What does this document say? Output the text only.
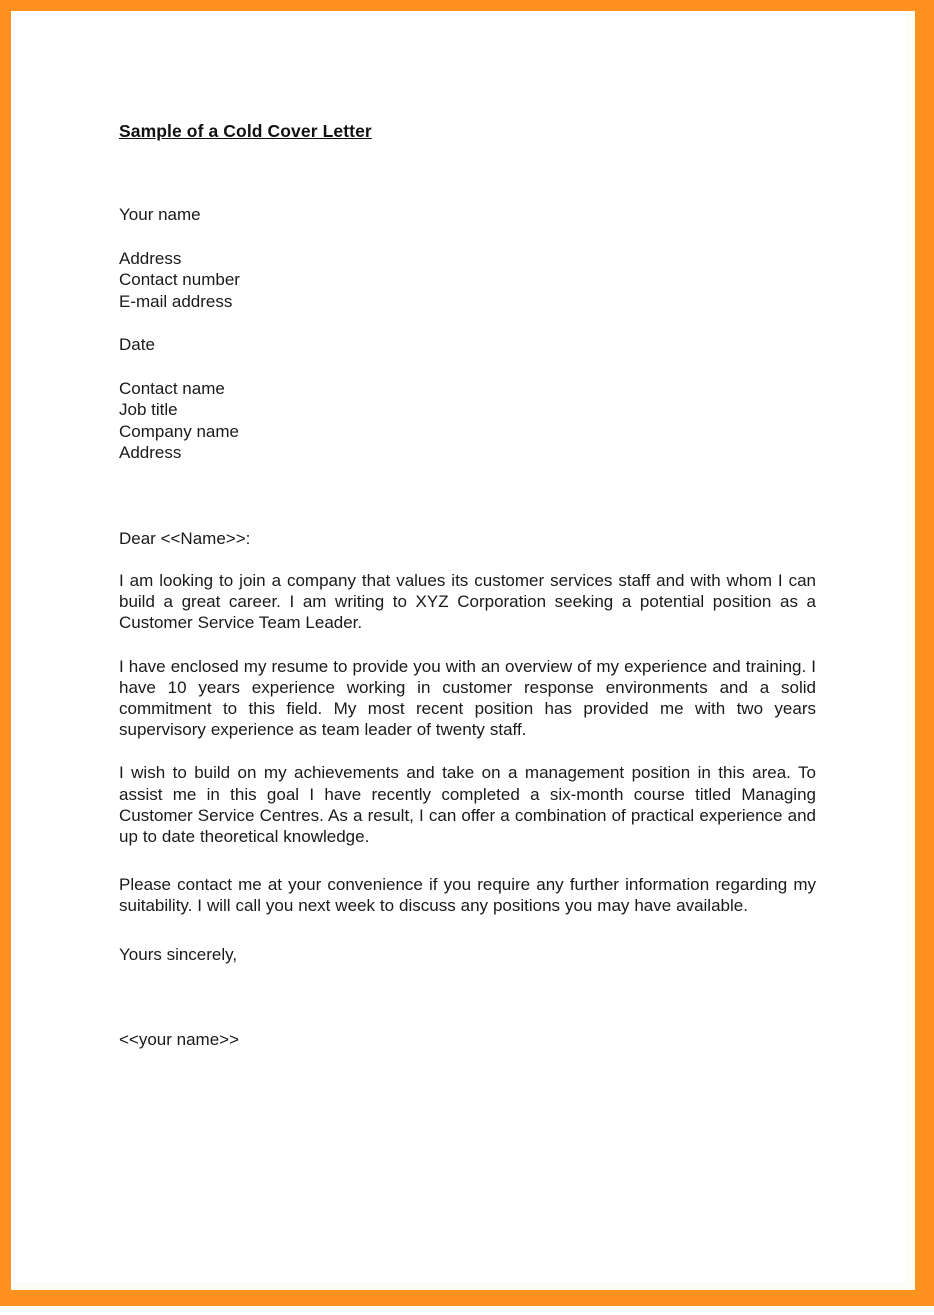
Sample of a Cold Cover Letter
Your name
Address
Contact number
E-mail address
Date
Contact name
Job title
Company name
Address
Dear <<Name>>:

I am looking to join a company that values its customer services staff and with whom I can build a great career. I am writing to XYZ Corporation seeking a potential position as a Customer Service Team Leader.

I have enclosed my resume to provide you with an overview of my experience and training. I have 10 years experience working in customer response environments and a solid commitment to this field. My most recent position has provided me with two years supervisory experience as team leader of twenty staff.

I wish to build on my achievements and take on a management position in this area. To assist me in this goal I have recently completed a six-month course titled Managing Customer Service Centres. As a result, I can offer a combination of practical experience and up to date theoretical knowledge.

Please contact me at your convenience if you require any further information regarding my suitability. I will call you next week to discuss any positions you may have available.

Yours sincerely,
<<your name>>
